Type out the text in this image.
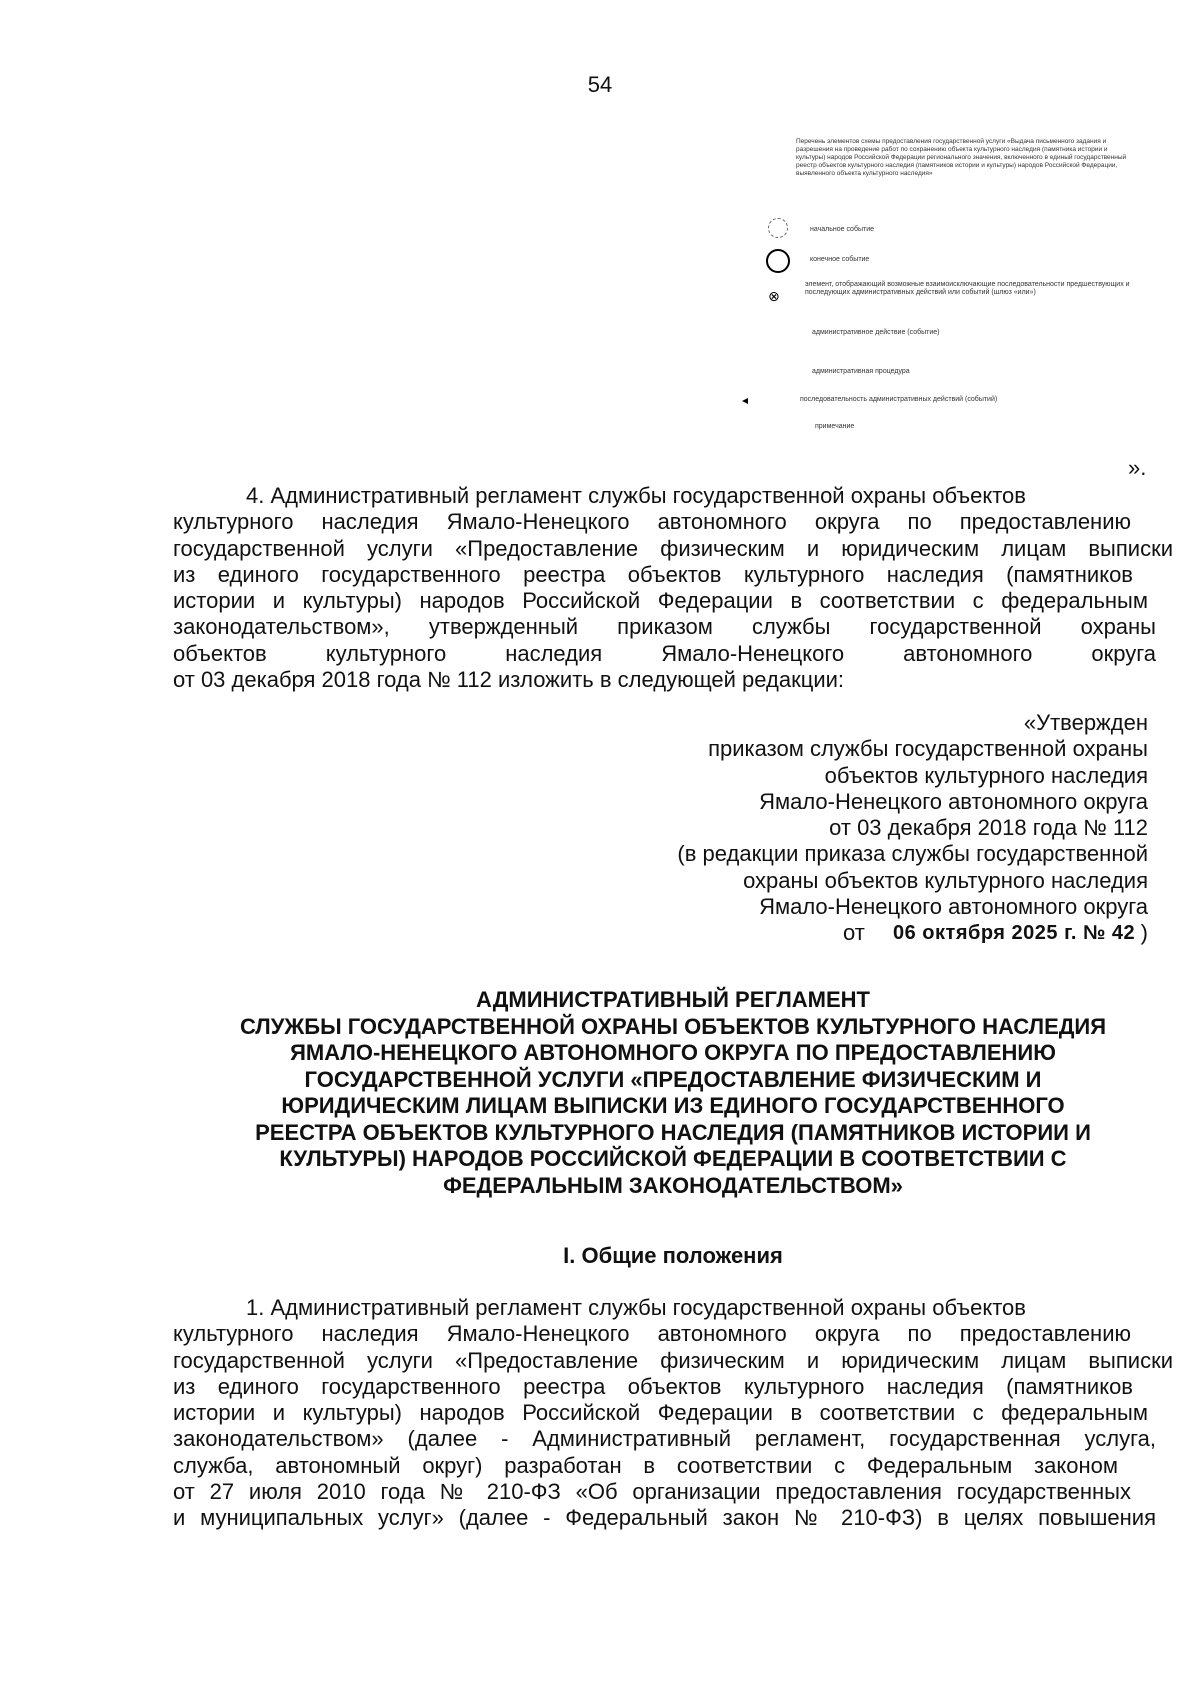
54
Перечень элементов схемы предоставления государственной услуги «Выдача письменного задания и разрешения на проведение работ по сохранению объекта культурного наследия (памятника истории и культуры) народов Российской Федерации регионального значения, включенного в единый государственный реестр объектов культурного наследия (памятников истории и культуры) народов Российской Федерации, выявленного объекта культурного наследия»
начальное событие
конечное событие
⊗
элемент, отображающий возможные взаимоисключающие последовательности предшествующих и последующих административных действий или событий (шлюз «или»)
административное действие (событие)
административная процедура
последовательность административных действий (событий)
примечание
».
4. Административный регламент службы государственной охраны объектов
культурного наследия Ямало-Ненецкого автономного округа по предоставлению
государственной услуги «Предоставление физическим и юридическим лицам выписки
из единого государственного реестра объектов культурного наследия (памятников
истории и культуры) народов Российской Федерации в соответствии с федеральным
законодательством», утвержденный приказом службы государственной охраны
объектов культурного наследия Ямало-Ненецкого автономного округа
от 03 декабря 2018 года № 112 изложить в следующей редакции:
«Утвержден
приказом службы государственной охраны
объектов культурного наследия
Ямало-Ненецкого автономного округа
от 03 декабря 2018 года № 112
(в редакции приказа службы государственной
охраны объектов культурного наследия
Ямало-Ненецкого автономного округа
от 06 октября 2025 г. № 42 )
АДМИНИСТРАТИВНЫЙ РЕГЛАМЕНТ
СЛУЖБЫ ГОСУДАРСТВЕННОЙ ОХРАНЫ ОБЪЕКТОВ КУЛЬТУРНОГО НАСЛЕДИЯ
ЯМАЛО-НЕНЕЦКОГО АВТОНОМНОГО ОКРУГА ПО ПРЕДОСТАВЛЕНИЮ
ГОСУДАРСТВЕННОЙ УСЛУГИ «ПРЕДОСТАВЛЕНИЕ ФИЗИЧЕСКИМ И
ЮРИДИЧЕСКИМ ЛИЦАМ ВЫПИСКИ ИЗ ЕДИНОГО ГОСУДАРСТВЕННОГО
РЕЕСТРА ОБЪЕКТОВ КУЛЬТУРНОГО НАСЛЕДИЯ (ПАМЯТНИКОВ ИСТОРИИ И
КУЛЬТУРЫ) НАРОДОВ РОССИЙСКОЙ ФЕДЕРАЦИИ В СООТВЕТСТВИИ С
ФЕДЕРАЛЬНЫМ ЗАКОНОДАТЕЛЬСТВОМ»
I. Общие положения
1. Административный регламент службы государственной охраны объектов
культурного наследия Ямало-Ненецкого автономного округа по предоставлению
государственной услуги «Предоставление физическим и юридическим лицам выписки
из единого государственного реестра объектов культурного наследия (памятников
истории и культуры) народов Российской Федерации в соответствии с федеральным
законодательством» (далее - Административный регламент, государственная услуга,
служба, автономный округ) разработан в соответствии с Федеральным законом
от 27 июля 2010 года № 210-ФЗ «Об организации предоставления государственных
и муниципальных услуг» (далее - Федеральный закон № 210-ФЗ) в целях повышения
